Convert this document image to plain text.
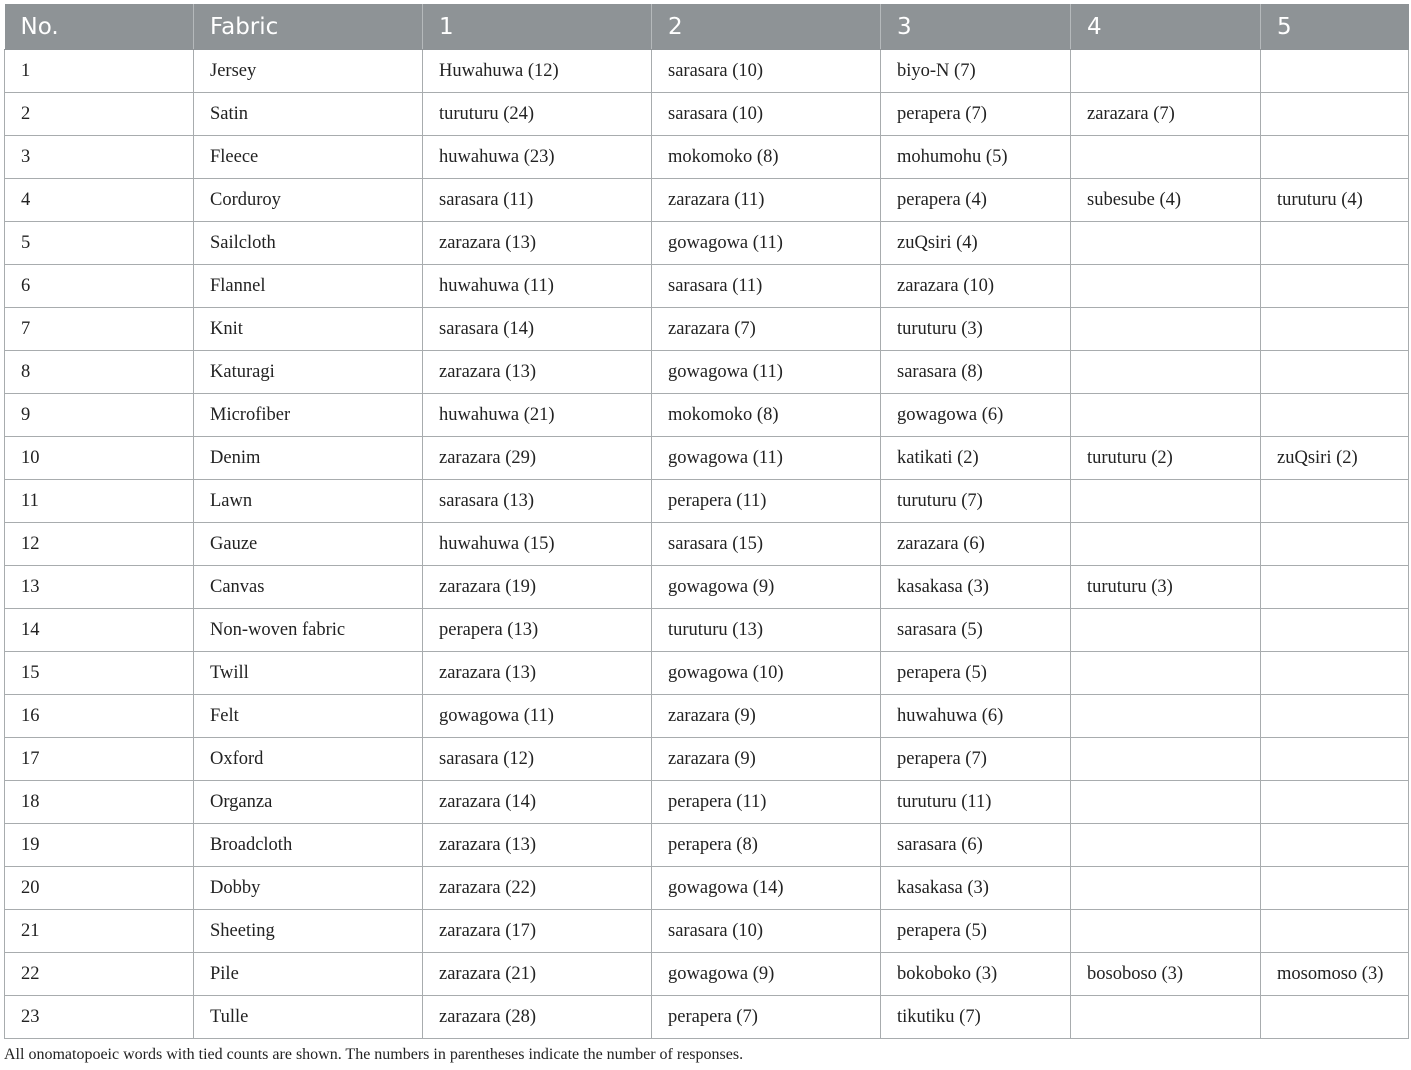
No.	Fabric	1	2	3	4	5
1	Jersey	Huwahuwa (12)	sarasara (10)	biyo-N (7)		
2	Satin	turuturu (24)	sarasara (10)	perapera (7)	zarazara (7)	
3	Fleece	huwahuwa (23)	mokomoko (8)	mohumohu (5)		
4	Corduroy	sarasara (11)	zarazara (11)	perapera (4)	subesube (4)	turuturu (4)
5	Sailcloth	zarazara (13)	gowagowa (11)	zuQsiri (4)		
6	Flannel	huwahuwa (11)	sarasara (11)	zarazara (10)		
7	Knit	sarasara (14)	zarazara (7)	turuturu (3)		
8	Katuragi	zarazara (13)	gowagowa (11)	sarasara (8)		
9	Microfiber	huwahuwa (21)	mokomoko (8)	gowagowa (6)		
10	Denim	zarazara (29)	gowagowa (11)	katikati (2)	turuturu (2)	zuQsiri (2)
11	Lawn	sarasara (13)	perapera (11)	turuturu (7)		
12	Gauze	huwahuwa (15)	sarasara (15)	zarazara (6)		
13	Canvas	zarazara (19)	gowagowa (9)	kasakasa (3)	turuturu (3)	
14	Non-woven fabric	perapera (13)	turuturu (13)	sarasara (5)		
15	Twill	zarazara (13)	gowagowa (10)	perapera (5)		
16	Felt	gowagowa (11)	zarazara (9)	huwahuwa (6)		
17	Oxford	sarasara (12)	zarazara (9)	perapera (7)		
18	Organza	zarazara (14)	perapera (11)	turuturu (11)		
19	Broadcloth	zarazara (13)	perapera (8)	sarasara (6)		
20	Dobby	zarazara (22)	gowagowa (14)	kasakasa (3)		
21	Sheeting	zarazara (17)	sarasara (10)	perapera (5)		
22	Pile	zarazara (21)	gowagowa (9)	bokoboko (3)	bosoboso (3)	mosomoso (3)
23	Tulle	zarazara (28)	perapera (7)	tikutiku (7)		
All onomatopoeic words with tied counts are shown. The numbers in parentheses indicate the number of responses.
